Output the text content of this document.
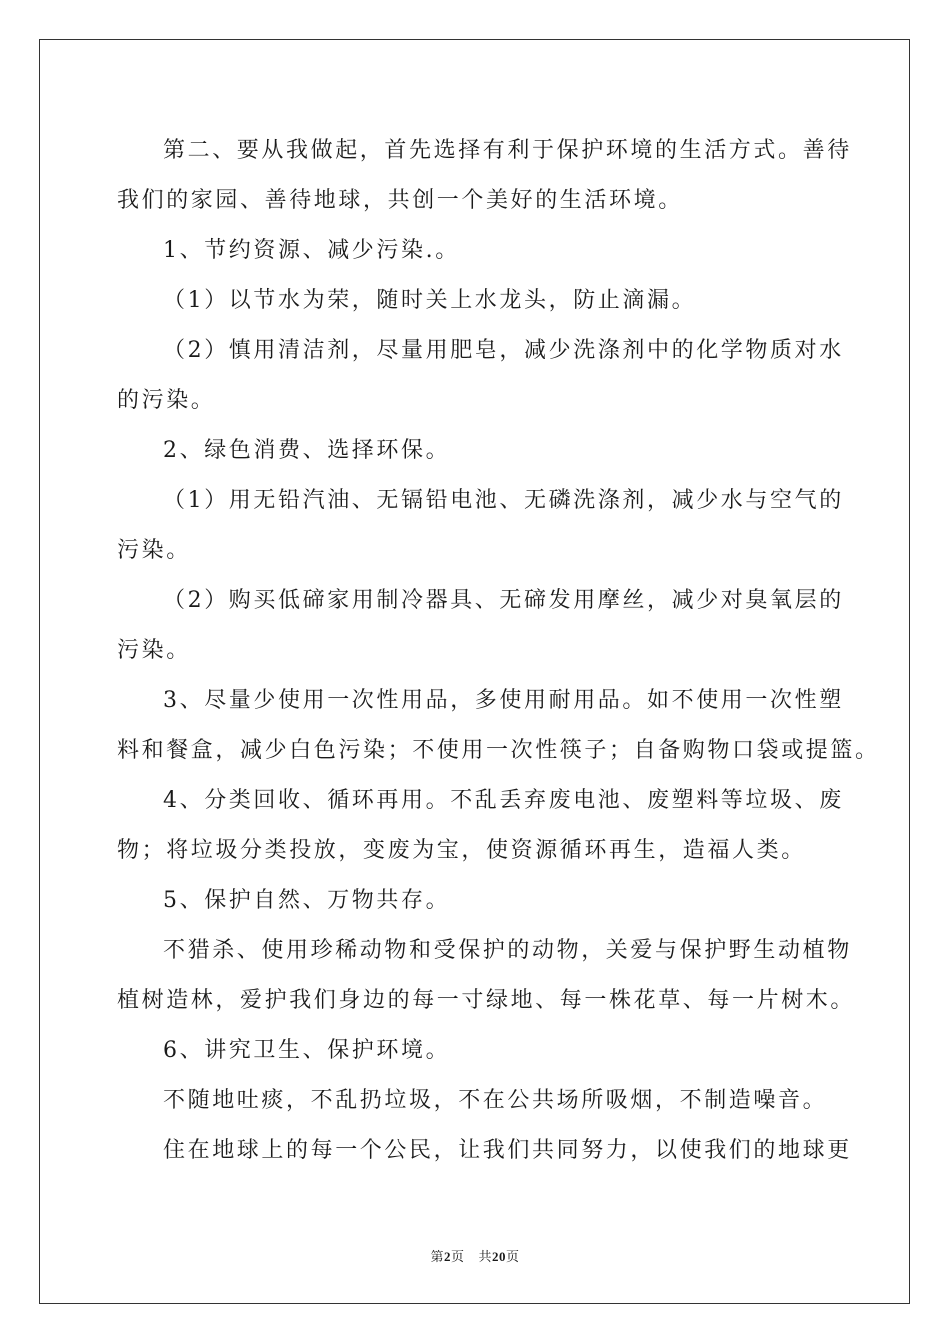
第二、要从我做起，首先选择有利于保护环境的生活方式。善待
我们的家园、善待地球，共创一个美好的生活环境。
1、节约资源、减少污染.。
（1）以节水为荣，随时关上水龙头，防止滴漏。
（2）慎用清洁剂，尽量用肥皂，减少洗涤剂中的化学物质对水
的污染。
2、绿色消费、选择环保。
（1）用无铅汽油、无镉铅电池、无磷洗涤剂，减少水与空气的
污染。
（2）购买低碲家用制冷器具、无碲发用摩丝，减少对臭氧层的
污染。
3、尽量少使用一次性用品，多使用耐用品。如不使用一次性塑
料和餐盒，减少白色污染；不使用一次性筷子；自备购物口袋或提篮。
4、分类回收、循环再用。不乱丢弃废电池、废塑料等垃圾、废
物；将垃圾分类投放，变废为宝，使资源循环再生，造福人类。
5、保护自然、万物共存。
不猎杀、使用珍稀动物和受保护的动物，关爱与保护野生动植物
植树造林，爱护我们身边的每一寸绿地、每一株花草、每一片树木。
6、讲究卫生、保护环境。
不随地吐痰，不乱扔垃圾，不在公共场所吸烟，不制造噪音。
住在地球上的每一个公民，让我们共同努力，以使我们的地球更
第2页 共20页
